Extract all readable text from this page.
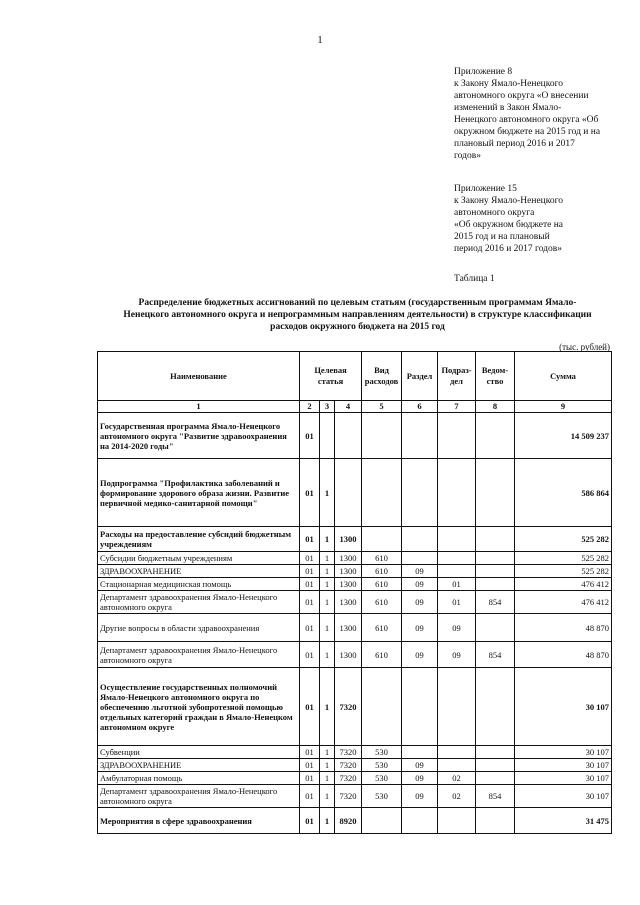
1
Приложение 8
к Закону Ямало-Ненецкого
автономного округа «О внесении
изменений в Закон Ямало-
Ненецкого автономного округа «Об
окружном бюджете на 2015 год и на
плановый период 2016 и 2017
годов»
Приложение 15
к Закону Ямало-Ненецкого
автономного округа
«Об окружном бюджете на
2015 год и на плановый
период 2016 и 2017 годов»
Таблица 1
Распределение бюджетных ассигнований по целевым статьям (государственным программам Ямало-
Ненецкого автономного округа и непрограммным направлениям деятельности) в структуре классификации
расходов окружного бюджета на 2015 год
(тыс. рублей)
Наименование	Целевая статья			Вид расходов	Раздел	Подраз-дел	Ведом-ство	Сумма
1	2	3	4	5	6	7	8	9
Государственная программа Ямало-Ненецкого автономного округа "Развитие здравоохранения на 2014-2020 годы"	01							14 509 237
Подпрограмма "Профилактика заболеваний и формирование здорового образа жизни. Развитие первичной медико-санитарной помощи"	01	1						586 864
Расходы на предоставление субсидий бюджетным учреждениям	01	1	1300					525 282
Субсидии бюджетным учреждениям	01	1	1300	610				525 282
ЗДРАВООХРАНЕНИЕ	01	1	1300	610	09			525 282
Стационарная медицинская помощь	01	1	1300	610	09	01		476 412
Департамент здравоохранения Ямало-Ненецкого автономного округа	01	1	1300	610	09	01	854	476 412
Другие вопросы в области здравоохранения	01	1	1300	610	09	09		48 870
Департамент здравоохранения Ямало-Ненецкого автономного округа	01	1	1300	610	09	09	854	48 870
Осуществление государственных полномочий Ямало-Ненецкого автономного округа по обеспечению льготной зубопротезной помощью отдельных категорий граждан в Ямало-Ненецком автономном округе	01	1	7320					30 107
Субвенции	01	1	7320	530				30 107
ЗДРАВООХРАНЕНИЕ	01	1	7320	530	09			30 107
Амбулаторная помощь	01	1	7320	530	09	02		30 107
Департамент здравоохранения Ямало-Ненецкого автономного округа	01	1	7320	530	09	02	854	30 107
Мероприятия в сфере здравоохранения	01	1	8920					31 475
